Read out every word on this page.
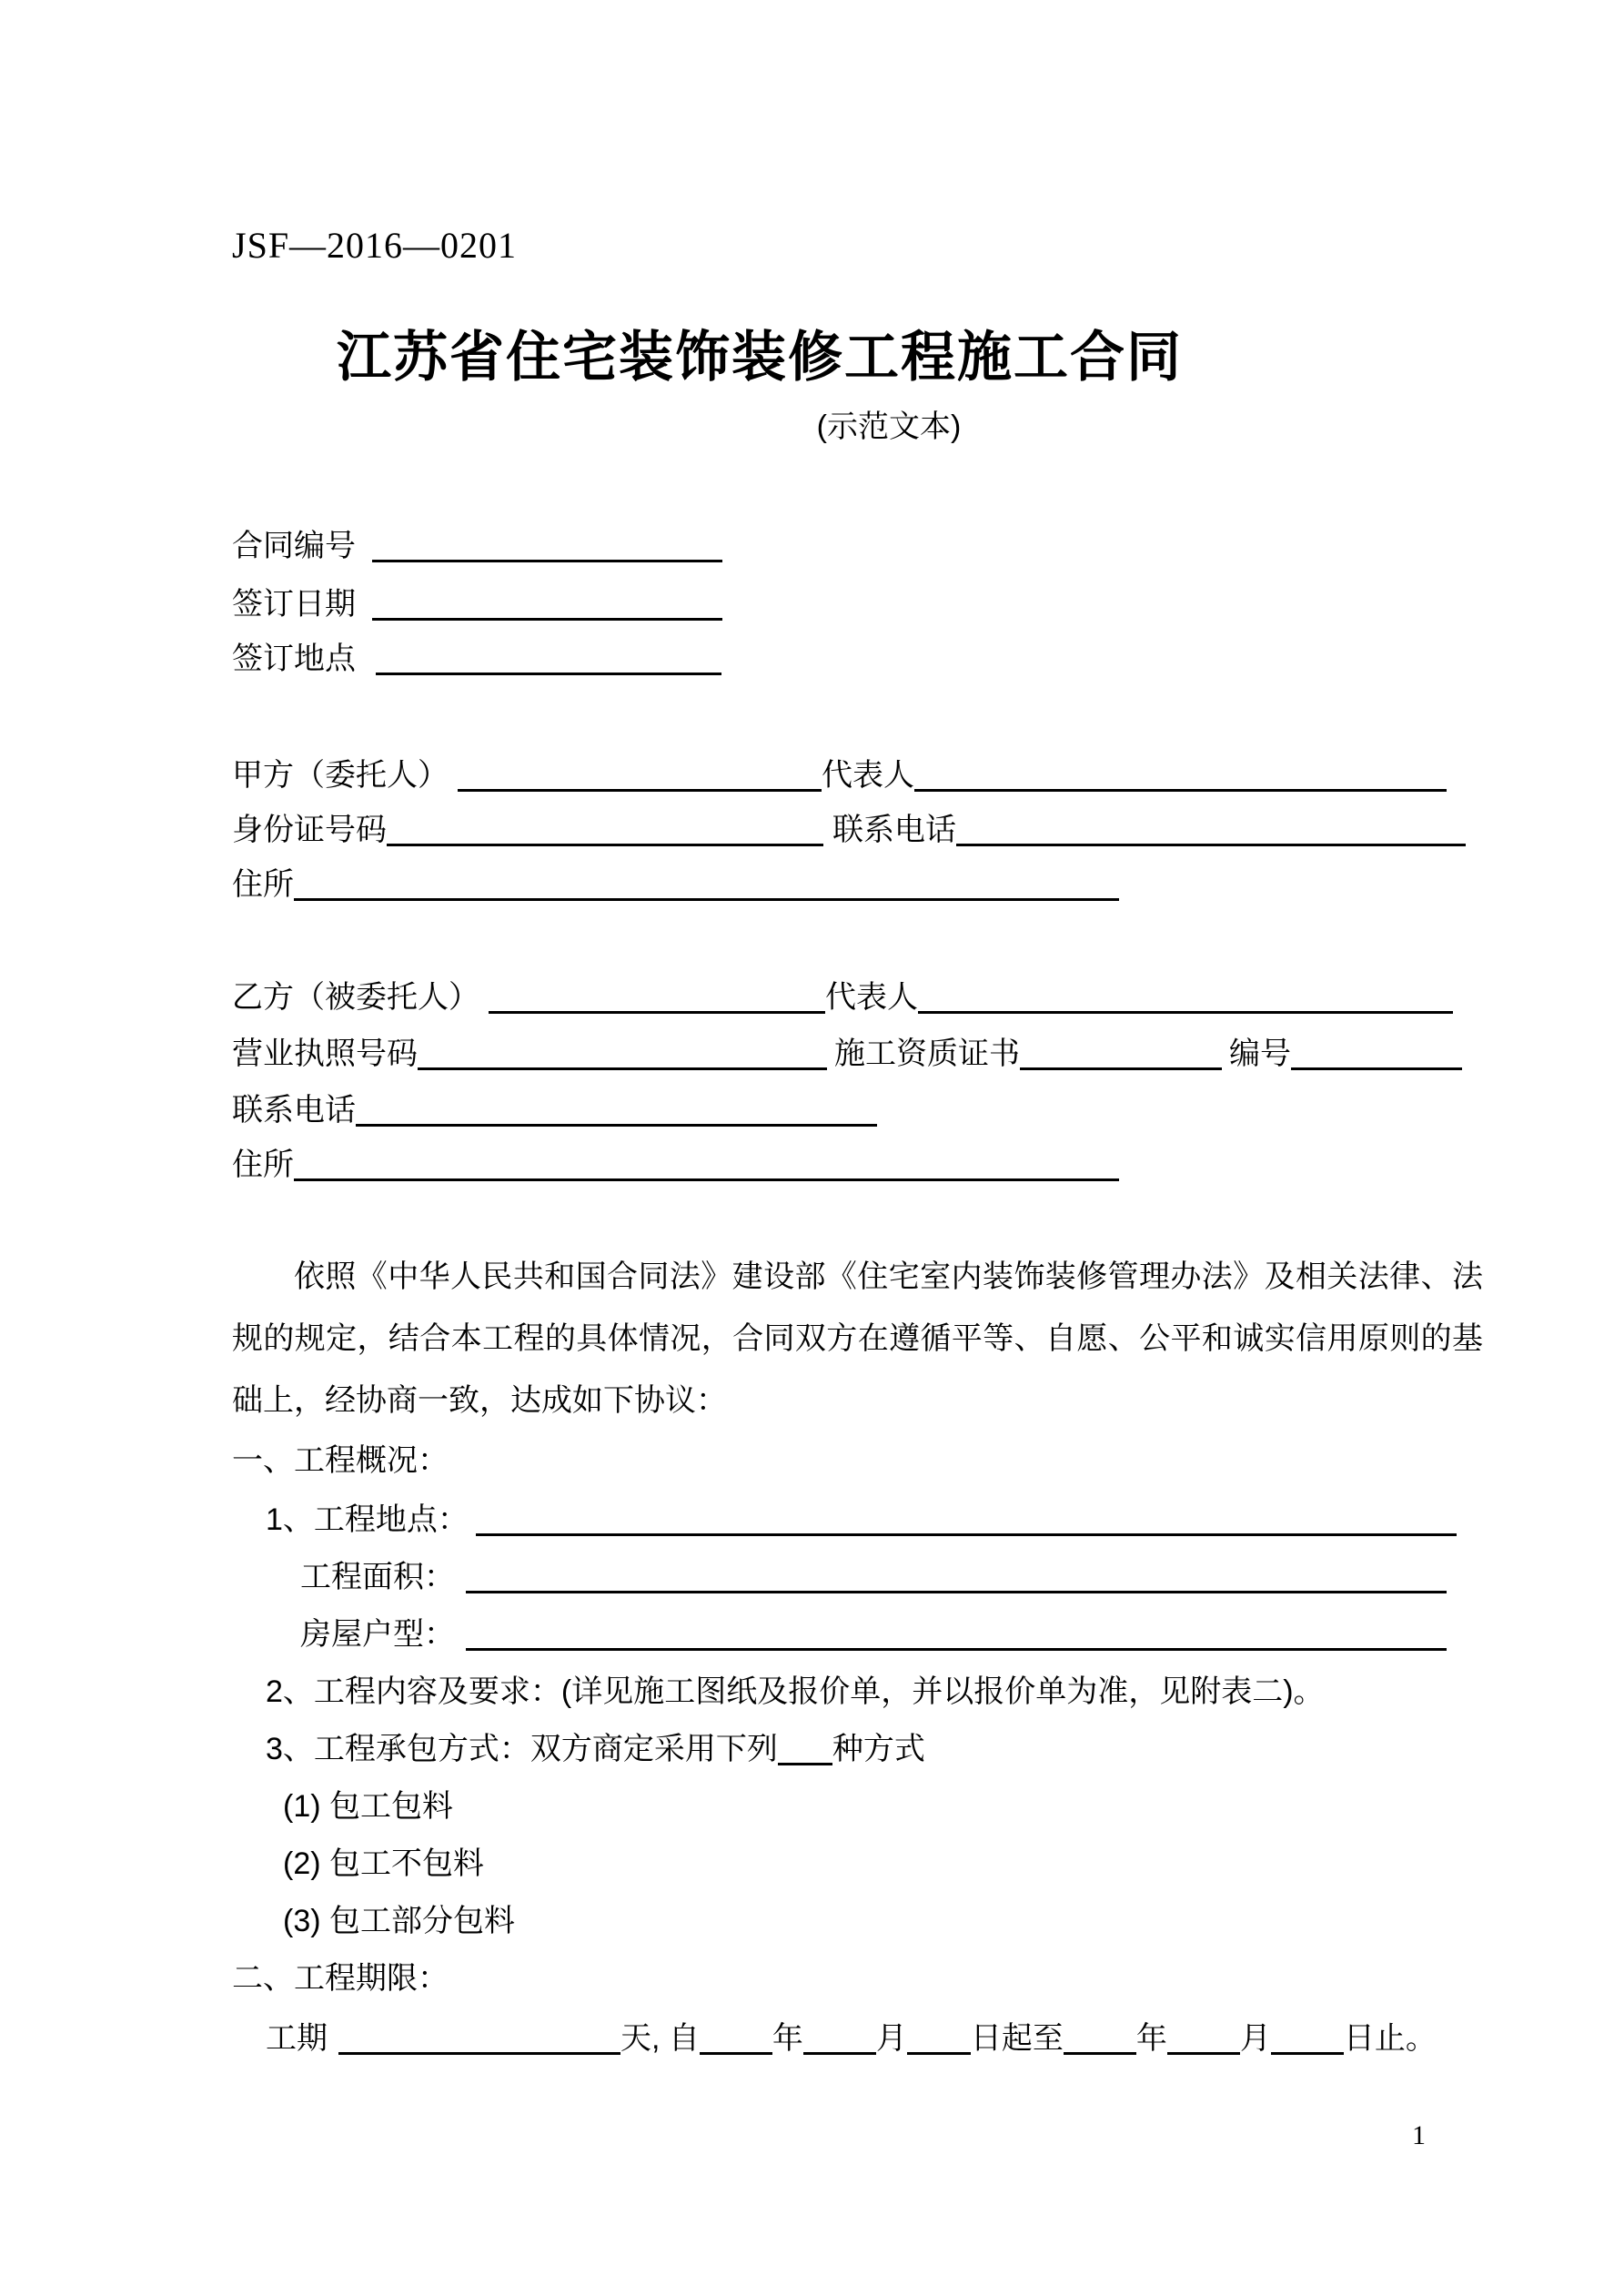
JSF—2016—0201
江苏省住宅装饰装修工程施工合同
(示范文本)
合同编号
签订日期
签订地点
甲方（委托人）	代表人
身份证号码	联系电话
住所
乙方（被委托人）	代表人
营业执照号码	施工资质证书	编号
联系电话
住所
依照《中华人民共和国合同法》建设部《住宅室内装饰装修管理办法》及相关法律、法
规的规定，结合本工程的具体情况，合同双方在遵循平等、自愿、公平和诚实信用原则的基
础上，经协商一致，达成如下协议：
一、工程概况：
1、工程地点：
工程面积：
房屋户型：
2、工程内容及要求：(详见施工图纸及报价单，并以报价单为准，见附表二)。
3、工程承包方式：双方商定采用下列 种方式
(1) 包工包料
(2) 包工不包料
(3) 包工部分包料
二、工程期限：
工期	天, 自 年 月 日起至 年 月 日止。
1
